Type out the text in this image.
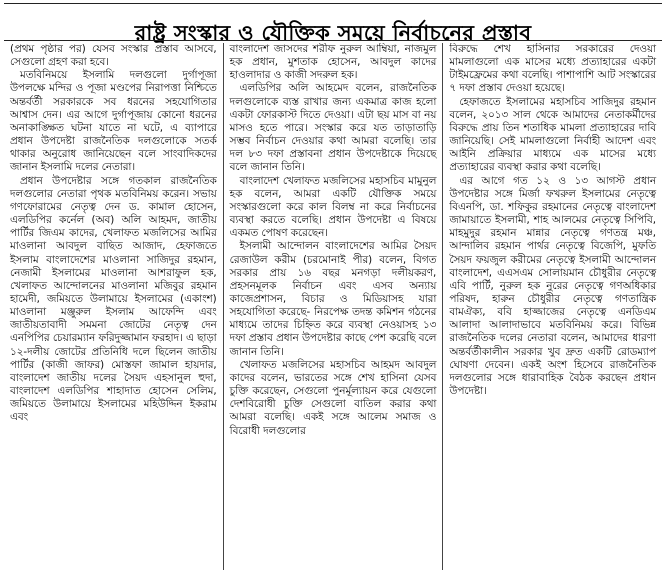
রাষ্ট্র সংস্কার ও যৌক্তিক সময়ে নির্বাচনের প্রস্তাব

(প্রথম পৃষ্ঠার পর) যেসব সংস্কার প্রস্তাব আসবে, সেগুলো গ্রহণ করা হবে।

মতবিনিময়ে ইসলামি দলগুলো দুর্গাপূজা উপলক্ষে মন্দির ও পূজা মণ্ডপের নিরাপত্তা নিশ্চিতে অন্তর্বর্তী সরকারকে সব ধরনের সহযোগিতার আশ্বাস দেন। এর আগে দুর্গাপূজায় কোনো ধরনের অনাকাঙ্ক্ষিত ঘটনা যাতে না ঘটে, এ ব্যাপারে প্রধান উপদেষ্টা রাজনৈতিক দলগুলোকে সতর্ক থাকার অনুরোধ জানিয়েছেন বলে সাংবাদিকদের জানান ইসলামি দলের নেতারা।

প্রধান উপদেষ্টার সঙ্গে গতকাল রাজনৈতিক দলগুলোর নেতারা পৃথক মতবিনিময় করেন। সভায় গণফোরামের নেতৃত্ব দেন ড. কামাল হোসেন, এলডিপির কর্নেল (অব) অলি আহমদ, জাতীয় পার্টির জিএম কাদের, খেলাফত মজলিসের আমির মাওলানা আবদুল বাছিত আজাদ, হেফাজতে ইসলাম বাংলাদেশের মাওলানা সাজিদুর রহমান, নেজামী ইসলামের মাওলানা আশরাফুল হক, খেলাফত আন্দোলনের মাওলানা মজিবুর রহমান হামেদী, জমিয়তে উলামায়ে ইসলামের (একাংশ) মাওলানা মঞ্জুরুল ইসলাম আফেন্দি এবং জাতীয়তাবাদী সমমনা জোটের নেতৃত্ব দেন এনপিপির চেয়ারম্যান ফরিদুজ্জামান ফরহাদ। এ ছাড়া ১২-দলীয় জোটের প্রতিনিধি দলে ছিলেন জাতীয় পার্টির (কাজী জাফর) মোস্তফা জামাল হায়দার, বাংলাদেশ জাতীয় দলের সৈয়দ এহসানুল হুদা, বাংলাদেশ এলডিপির শাহাদাত হোসেন সেলিম, জমিয়তে উলামায়ে ইসলামের মহিউদ্দিন ইকরাম এবং

বাংলাদেশ জাসদের শরীফ নুরুল আম্বিয়া, নাজমুল হক প্রধান, মুশতাক হোসেন, আবদুল কাদের হাওলাদার ও কাজী সদরুল হক।

এলডিপির অলি আহমেদ বলেন, রাজনৈতিক দলগুলোকে ব্যস্ত রাখার জন্য একমাত্র কাজ হলো একটা ফোরকাস্ট দিতে দেওয়া। এটা ছয় মাস বা নয় মাসও হতে পারে। সংস্কার করে যত তাড়াতাড়ি সম্ভব নির্বাচন দেওয়ার কথা আমরা বলেছি। তার দল ৮৩ দফা প্রস্তাবনা প্রধান উপদেষ্টাকে দিয়েছে বলে জানান তিনি।

বাংলাদেশ খেলাফত মজলিসের মহাসচিব মামুনুল হক বলেন, আমরা একটি যৌক্তিক সময়ে সংস্কারগুলো করে কাল বিলম্ব না করে নির্বাচনের ব্যবস্থা করতে বলেছি। প্রধান উপদেষ্টা এ বিষয়ে একমত পোষণ করেছেন।

ইসলামী আন্দোলন বাংলাদেশের আমির সৈয়দ রেজাউল করীম (চরমোনাই পীর) বলেন, বিগত সরকার প্রায় ১৬ বছর মনগড়া দলীয়করণ, প্রহসনমূলক নির্বাচন এবং এসব অন্যায় কাজেপ্রশাসন, বিচার ও মিডিয়াসহ যারা সহযোগিতা করেছে- নিরপেক্ষ তদন্ত কমিশন গঠনের মাধ্যমে তাদের চিহ্নিত করে ব্যবস্থা নেওয়াসহ ১৩ দফা প্রস্তাব প্রধান উপদেষ্টার কাছে পেশ করেছি বলে জানান তিনি।

খেলাফত মজলিসের মহাসচিব আহমদ আবদুল কাদের বলেন, ভারতের সঙ্গে শেখ হাসিনা যেসব চুক্তি করেছেন, সেগুলো পুনর্মূল্যায়ন করে যেগুলো দেশবিরোধী চুক্তি সেগুলো বাতিল করার কথা আমরা বলেছি। একই সঙ্গে আলেম সমাজ ও বিরোধী দলগুলোর

বিরুদ্ধে শেখ হাসিনার সরকারের দেওয়া মামলাগুলো এক মাসের মধ্যে প্রত্যাহারের একটা টাইমফ্রেমের কথা বলেছি। পাশাপাশি আট সংস্কারের ৭ দফা প্রস্তাব দেওয়া হয়েছে।

হেফাজতে ইসলামের মহাসচিব সাজিদুর রহমান বলেন, ২০১৩ সাল থেকে আমাদের নেতাকর্মীদের বিরুদ্ধে প্রায় তিন শতাধিক মামলা প্রত্যাহারের দাবি জানিয়েছি। সেই মামলাগুলো নির্বাহী আদেশ এবং আইনি প্রক্রিয়ার মাধ্যমে এক মাসের মধ্যে প্রত্যাহারের ব্যবস্থা করার কথা বলেছি।

এর আগে গত ১২ ও ১৩ আগস্ট প্রধান উপদেষ্টার সঙ্গে মির্জা ফখরুল ইসলামের নেতৃত্বে বিএনপি, ডা. শফিকুর রহমানের নেতৃত্বে বাংলাদেশ জামায়াতে ইসলামী, শাহ আলমের নেতৃত্বে সিপিবি, মাহমুদুর রহমান মান্নার নেতৃত্বে গণতন্ত্র মঞ্চ, আন্দালিব রহমান পার্থর নেতৃত্বে বিজেপি, মুফতি সৈয়দ ফয়জুল করীমের নেতৃত্বে ইসলামী আন্দোলন বাংলাদেশ, এএসএম সোলায়মান চৌধুরীর নেতৃত্বে এবি পার্টি, নুরুল হক নুরের নেতৃত্বে গণঅধিকার পরিষদ, হারুন চৌধুরীর নেতৃত্বে গণতান্ত্রিক বামঐক্য, ববি হাজ্জাজের নেতৃত্বে এনডিএম আলাদা আলাদাভাবে মতবিনিময় করে। বিভিন্ন রাজনৈতিক দলের নেতারা বলেন, আমাদের ধারণা অন্তর্বর্তীকালীন সরকার খুব দ্রুত একটি রোডম্যাপ ঘোষণা দেবেন। একই অংশ হিসেবে রাজনৈতিক দলগুলোর সঙ্গে ধারাবাহিক বৈঠক করছেন প্রধান উপদেষ্টা।
